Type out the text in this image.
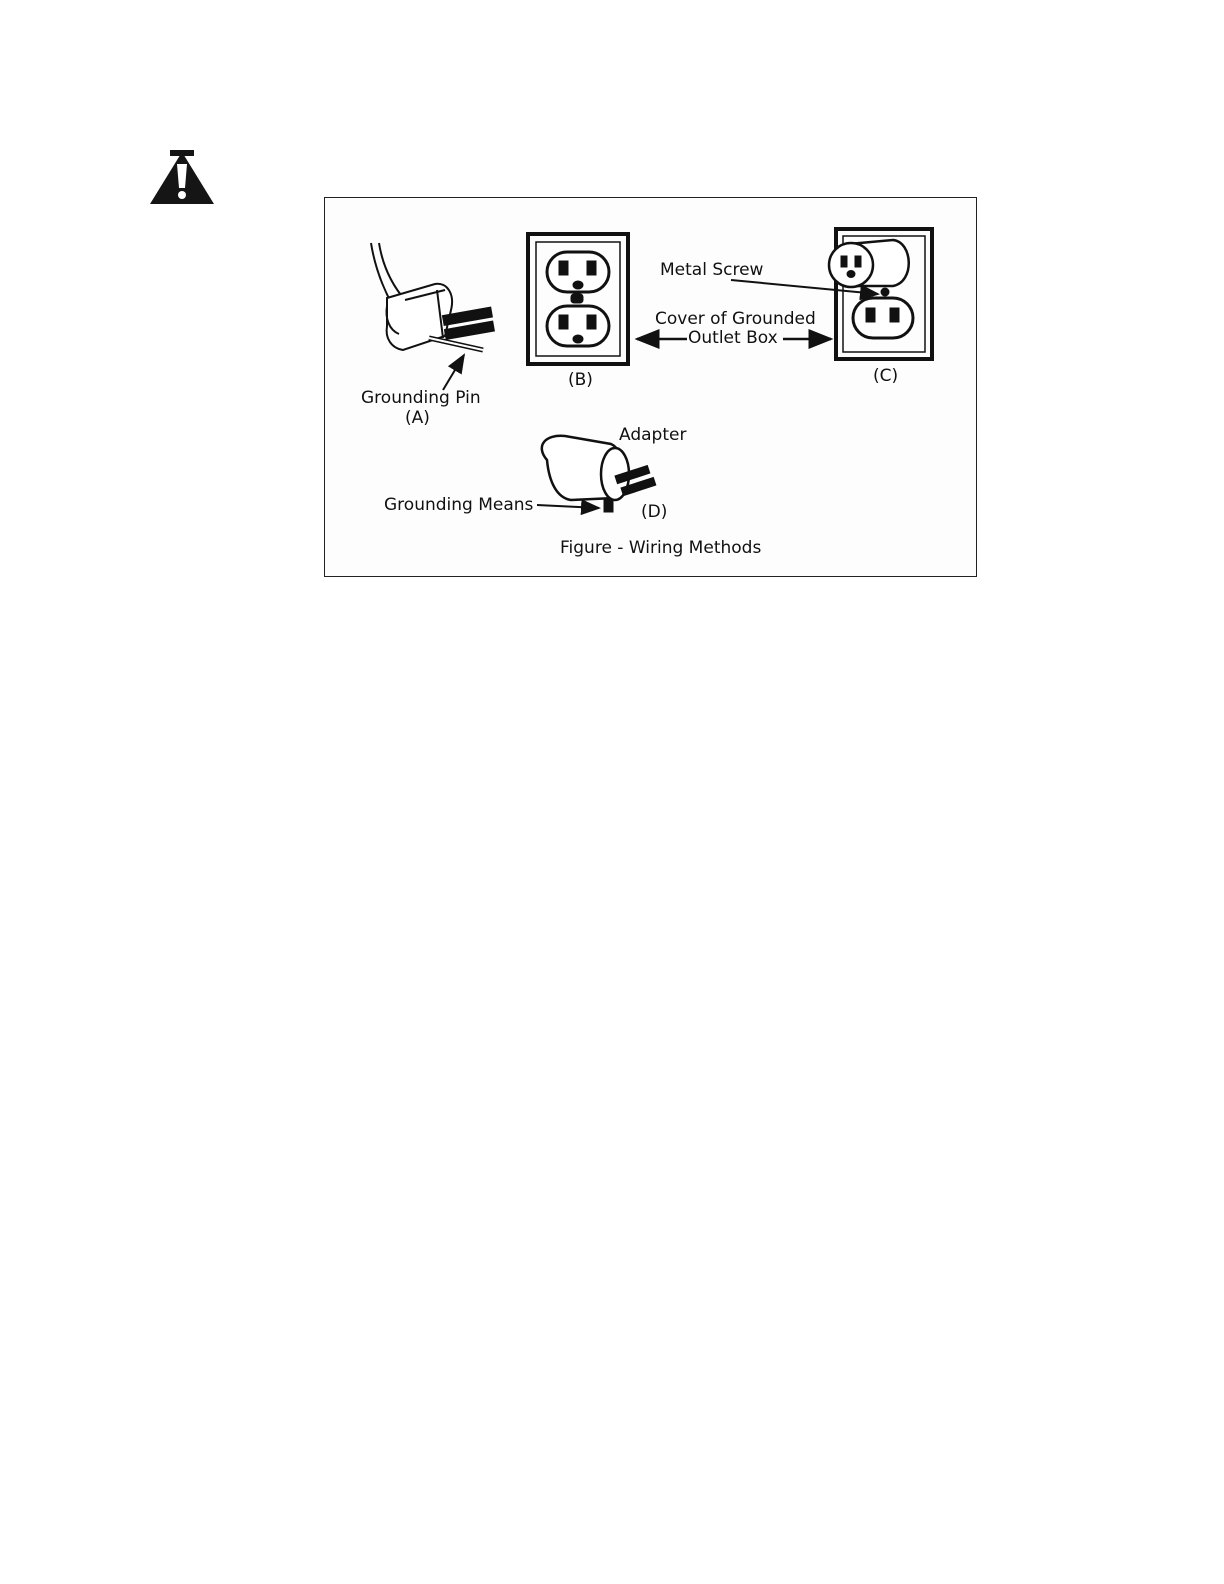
Grounding Pin
(A)
(B)	(C)
Metal Screw
Cover of Grounded
Outlet Box
Adapter
Grounding Means	(D)
Figure - Wiring Methods
